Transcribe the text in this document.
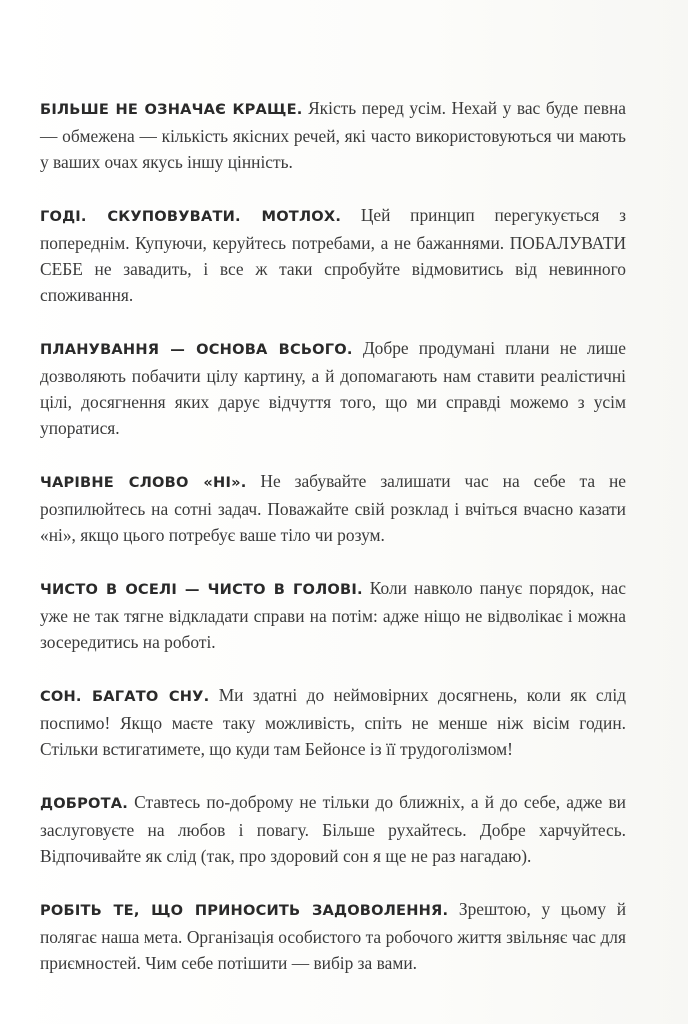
БІЛЬШЕ НЕ ОЗНАЧАЄ КРАЩЕ. Якість перед усім. Нехай у вас буде певна — обмежена — кількість якісних речей, які часто використовуються чи мають у ваших очах якусь іншу цінність.

ГОДІ. СКУПОВУВАТИ. МОТЛОХ. Цей принцип перегукується з попереднім. Купуючи, керуйтесь потребами, а не бажаннями. ПОБАЛУВАТИ СЕБЕ не завадить, і все ж таки спробуйте відмовитись від невинного споживання.

ПЛАНУВАННЯ — ОСНОВА ВСЬОГО. Добре продумані плани не лише дозволяють побачити цілу картину, а й допомагають нам ставити реалістичні цілі, досягнення яких дарує відчуття того, що ми справді можемо з усім упоратися.

ЧАРІВНЕ СЛОВО «НІ». Не забувайте залишати час на себе та не розпилюйтесь на сотні задач. Поважайте свій розклад і вчіться вчасно казати «ні», якщо цього потребує ваше тіло чи розум.

ЧИСТО В ОСЕЛІ — ЧИСТО В ГОЛОВІ. Коли навколо панує порядок, нас уже не так тягне відкладати справи на потім: адже ніщо не відволікає і можна зосередитись на роботі.

СОН. БАГАТО СНУ. Ми здатні до неймовірних досягнень, коли як слід поспимо! Якщо маєте таку можливість, спіть не менше ніж вісім годин. Стільки встигатимете, що куди там Бейонсе із її трудоголізмом!

ДОБРОТА. Ставтесь по-доброму не тільки до ближніх, а й до себе, адже ви заслуговуєте на любов і повагу. Більше рухайтесь. Добре харчуйтесь. Відпочивайте як слід (так, про здоровий сон я ще не раз нагадаю).

РОБІТЬ ТЕ, ЩО ПРИНОСИТЬ ЗАДОВОЛЕННЯ. Зрештою, у цьому й полягає наша мета. Організація особистого та робочого життя звільняє час для приємностей. Чим себе потішити — вибір за вами.
